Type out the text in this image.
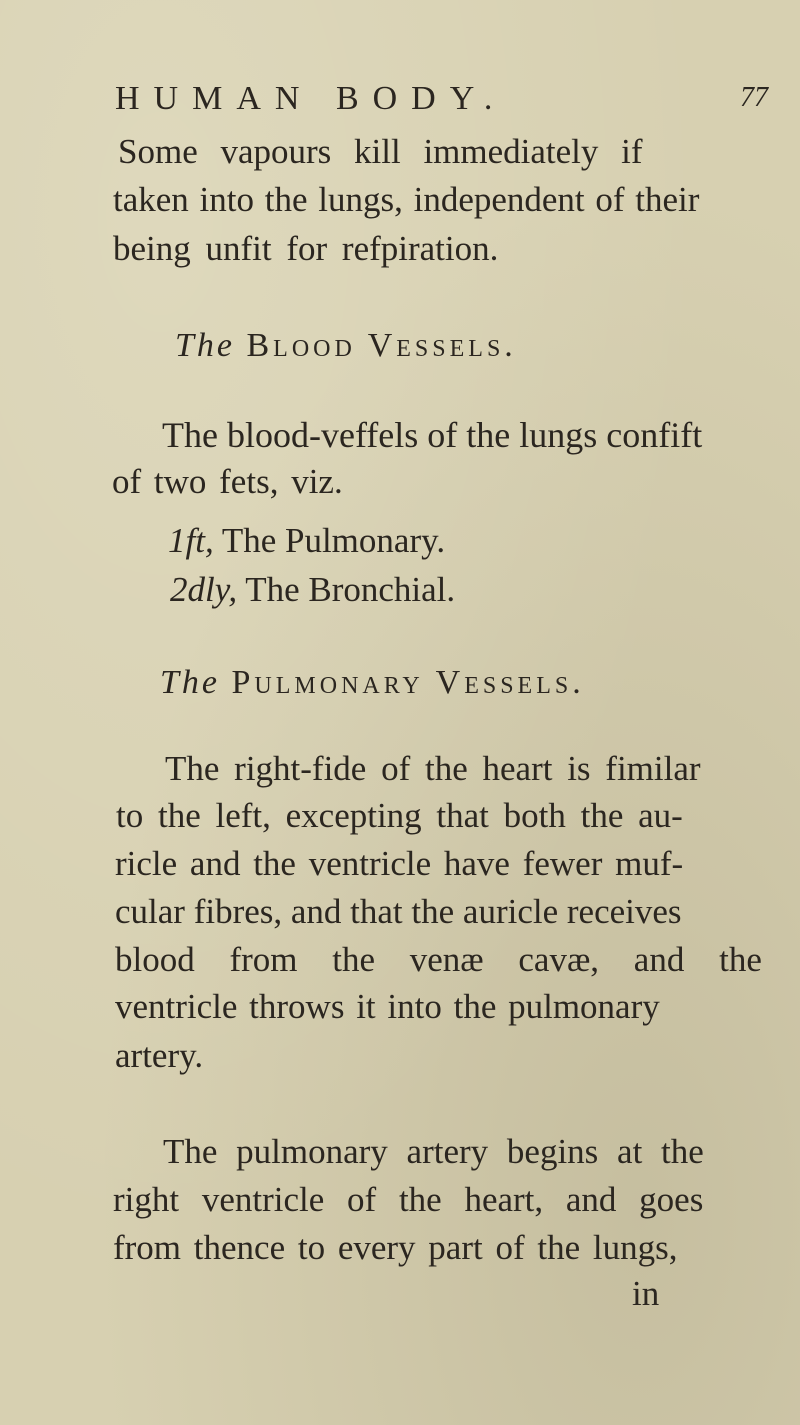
HUMAN BODY.	77
Some vapours kill immediately if
taken into the lungs, independent of their
being unfit for refpiration.
The Blood Vessels.
The blood-veffels of the lungs confift
of two fets, viz.
1ft, The Pulmonary.
2dly, The Bronchial.
The Pulmonary Vessels.
The right-fide of the heart is fimilar
to the left, excepting that both the au-
ricle and the ventricle have fewer muf-
cular fibres, and that the auricle receives
blood from the venæ cavæ, and the
ventricle throws it into the pulmonary
artery.
The pulmonary artery begins at the
right ventricle of the heart, and goes
from thence to every part of the lungs,
in
